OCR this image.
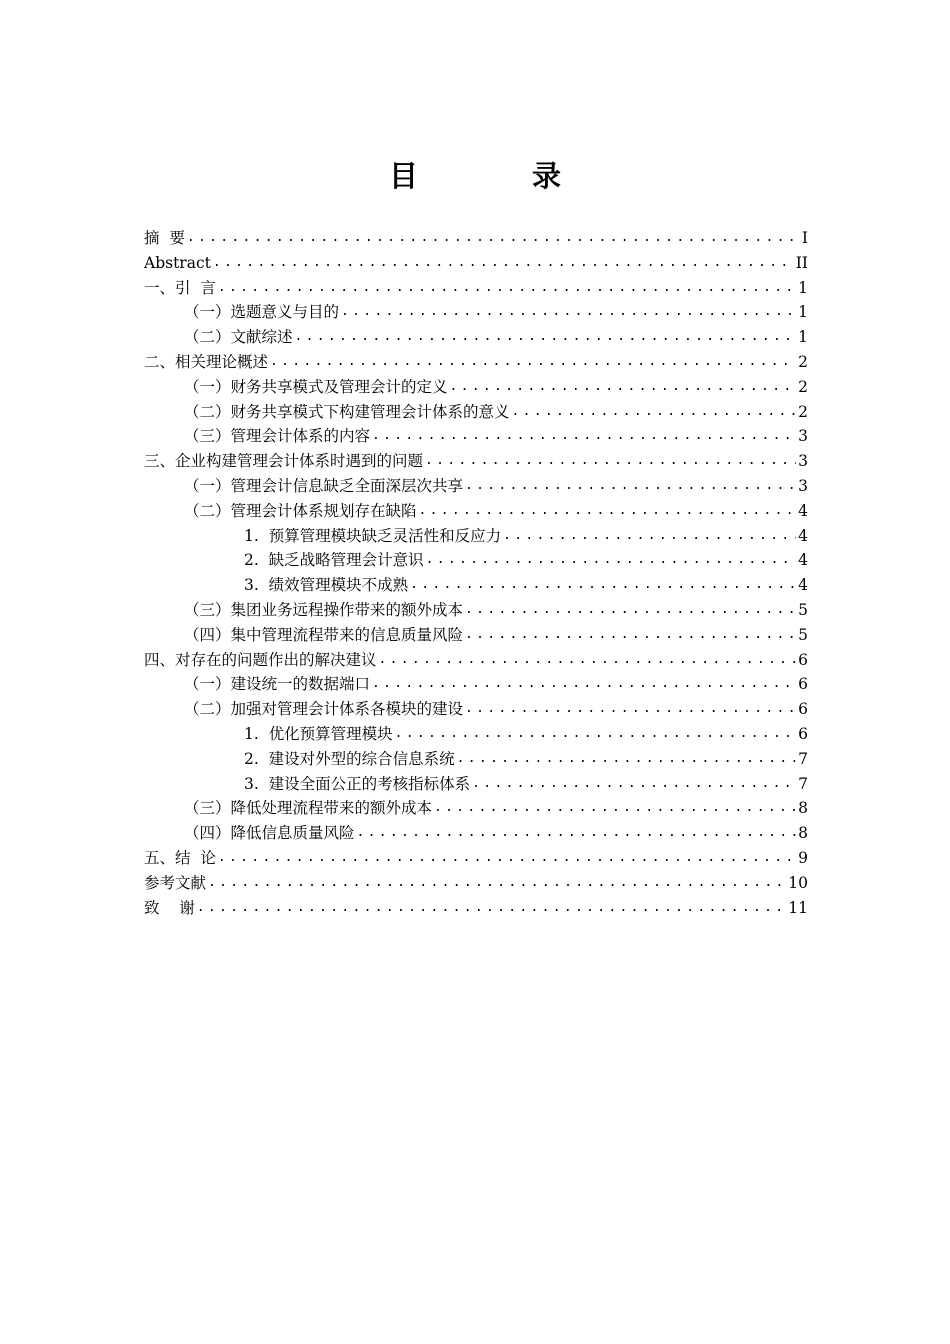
目 录
摘  要 .....	I
Abstract .....	II
一、引  言 .....	1
（一）选题意义与目的 .....	1
（二）文献综述 .....	1
二、相关理论概述 .....	2
（一）财务共享模式及管理会计的定义 .....	2
（二）财务共享模式下构建管理会计体系的意义 .....	2
（三）管理会计体系的内容 .....	3
三、企业构建管理会计体系时遇到的问题 .....	3
（一）管理会计信息缺乏全面深层次共享 .....	3
（二）管理会计体系规划存在缺陷 .....	4
1.  预算管理模块缺乏灵活性和反应力 .....	4
2.  缺乏战略管理会计意识 .....	4
3.  绩效管理模块不成熟 .....	4
（三）集团业务远程操作带来的额外成本 .....	5
（四）集中管理流程带来的信息质量风险 .....	5
四、对存在的问题作出的解决建议 .....	6
（一）建设统一的数据端口 .....	6
（二）加强对管理会计体系各模块的建设 .....	6
1.  优化预算管理模块 .....	6
2.  建设对外型的综合信息系统 .....	7
3.  建设全面公正的考核指标体系 .....	7
（三）降低处理流程带来的额外成本 .....	8
（四）降低信息质量风险 .....	8
五、结  论 .....	9
参考文献 .....	10
致    谢 .....	11
